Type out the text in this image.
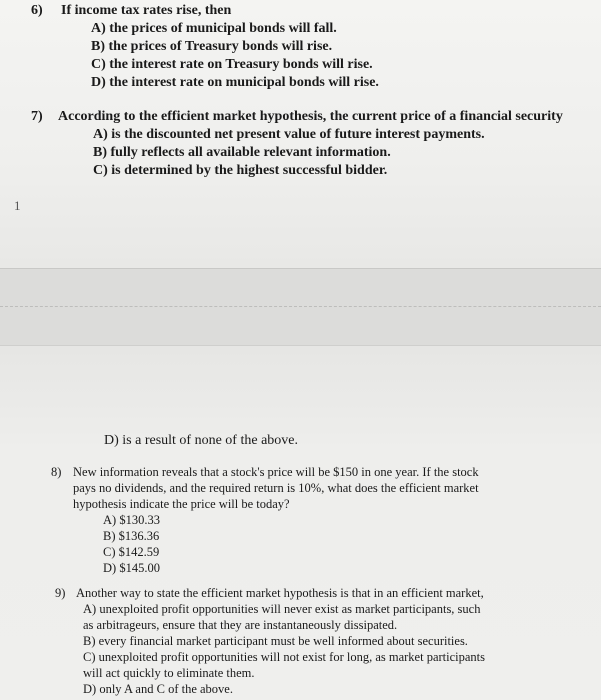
6) If income tax rates rise, then
A) the prices of municipal bonds will fall.
B) the prices of Treasury bonds will rise.
C) the interest rate on Treasury bonds will rise.
D) the interest rate on municipal bonds will rise.
7) According to the efficient market hypothesis, the current price of a financial security
A) is the discounted net present value of future interest payments.
B) fully reflects all available relevant information.
C) is determined by the highest successful bidder.
1
D) is a result of none of the above.
8) New information reveals that a stock's price will be $150 in one year. If the stock
pays no dividends, and the required return is 10%, what does the efficient market
hypothesis indicate the price will be today?
A) $130.33
B) $136.36
C) $142.59
D) $145.00
9) Another way to state the efficient market hypothesis is that in an efficient market,
A) unexploited profit opportunities will never exist as market participants, such
as arbitrageurs, ensure that they are instantaneously dissipated.
B) every financial market participant must be well informed about securities.
C) unexploited profit opportunities will not exist for long, as market participants
will act quickly to eliminate them.
D) only A and C of the above.
